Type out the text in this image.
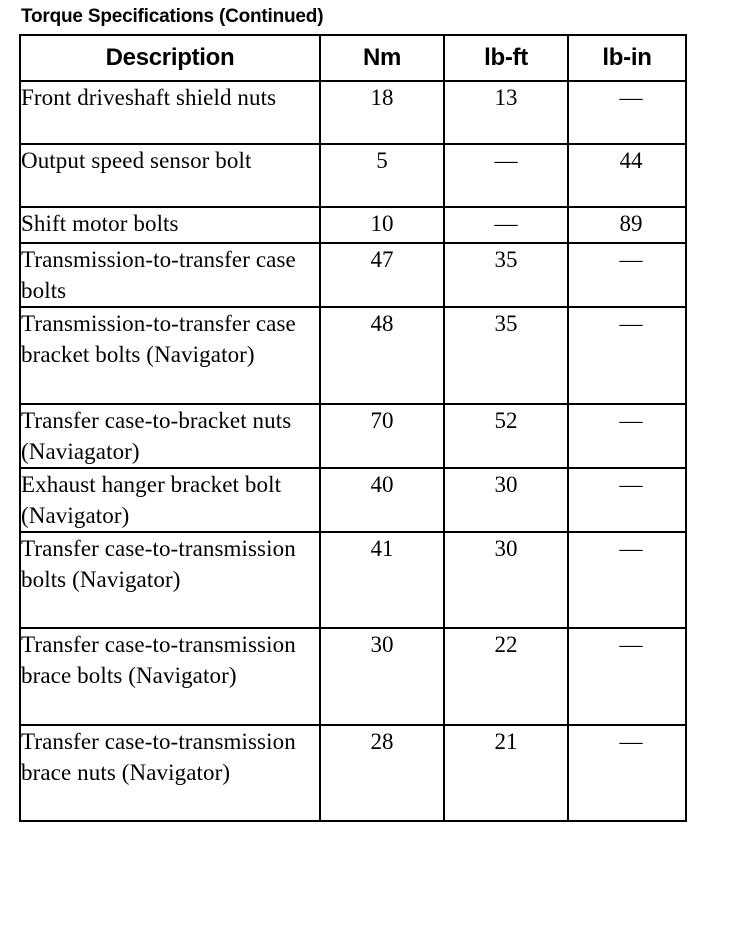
Torque Specifications (Continued)
Description	Nm	lb-ft	lb-in
Front driveshaft shield nuts	18	13	—
Output speed sensor bolt	5	—	44
Shift motor bolts	10	—	89
Transmission-to-transfer case bolts	47	35	—
Transmission-to-transfer case bracket bolts (Navigator)	48	35	—
Transfer case-to-bracket nuts (Naviagator)	70	52	—
Exhaust hanger bracket bolt (Navigator)	40	30	—
Transfer case-to-transmission bolts (Navigator)	41	30	—
Transfer case-to-transmission brace bolts (Navigator)	30	22	—
Transfer case-to-transmission brace nuts (Navigator)	28	21	—
